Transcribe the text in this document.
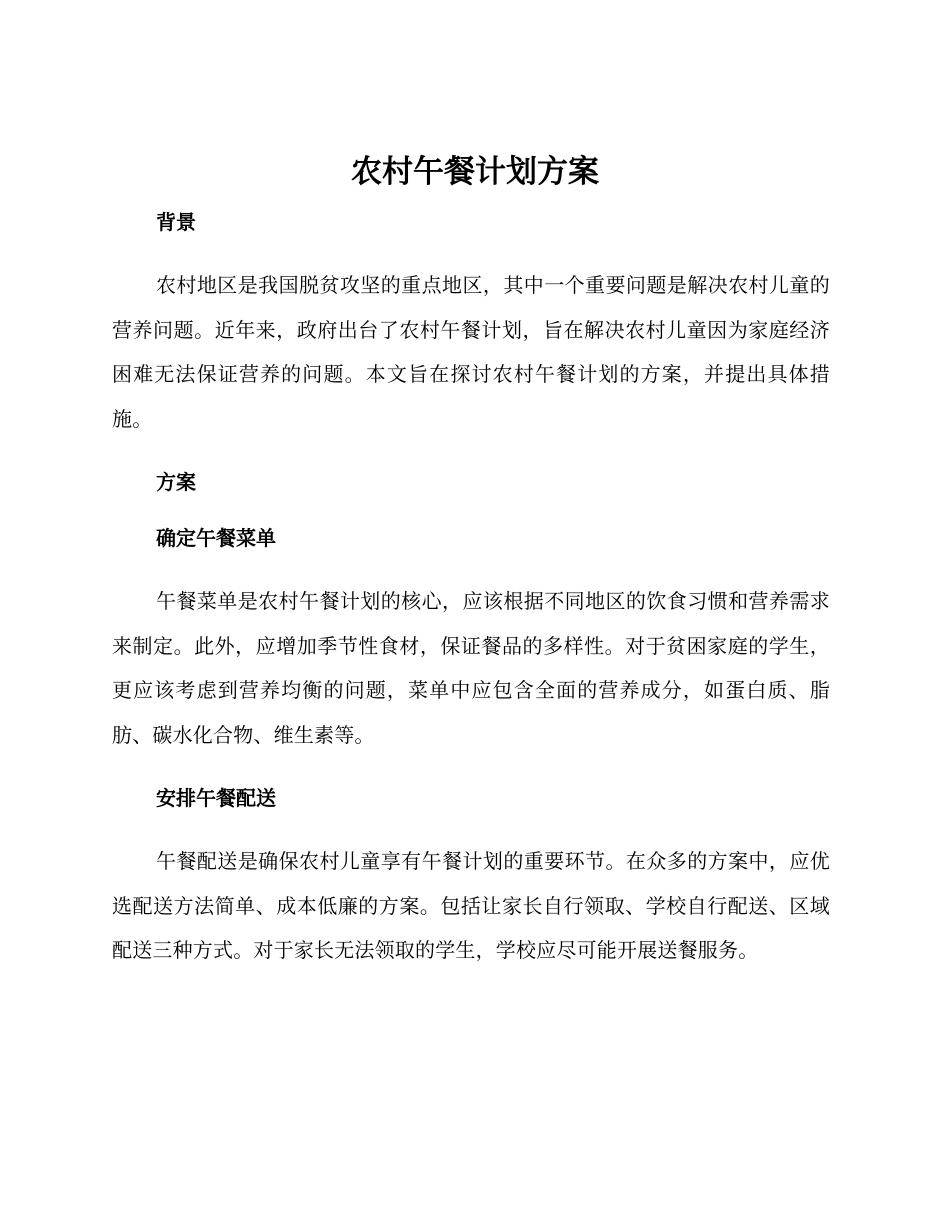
农村午餐计划方案
背景

农村地区是我国脱贫攻坚的重点地区，其中一个重要问题是解决农村儿童的营养问题。近年来，政府出台了农村午餐计划，旨在解决农村儿童因为家庭经济困难无法保证营养的问题。本文旨在探讨农村午餐计划的方案，并提出具体措施。

方案
确定午餐菜单

午餐菜单是农村午餐计划的核心，应该根据不同地区的饮食习惯和营养需求来制定。此外，应增加季节性食材，保证餐品的多样性。对于贫困家庭的学生，更应该考虑到营养均衡的问题，菜单中应包含全面的营养成分，如蛋白质、脂肪、碳水化合物、维生素等。

安排午餐配送

午餐配送是确保农村儿童享有午餐计划的重要环节。在众多的方案中，应优选配送方法简单、成本低廉的方案。包括让家长自行领取、学校自行配送、区域配送三种方式。对于家长无法领取的学生，学校应尽可能开展送餐服务。
